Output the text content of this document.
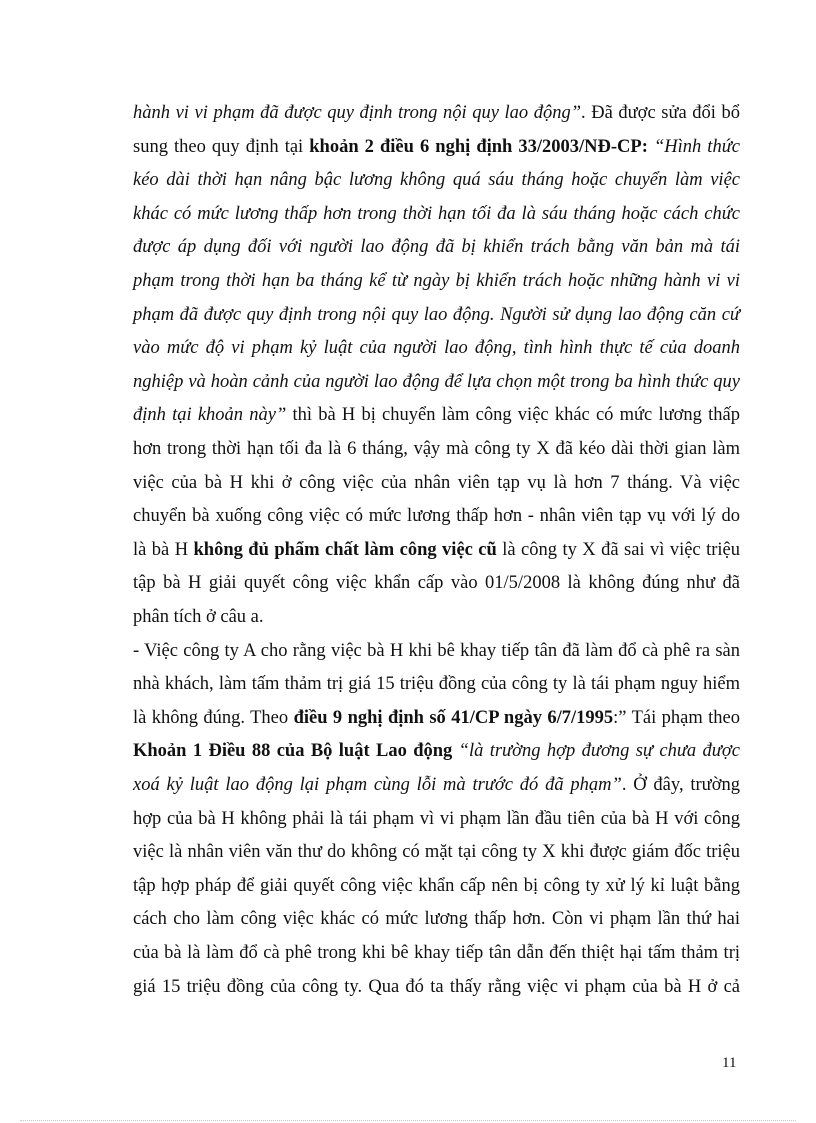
hành vi vi phạm đã được quy định trong nội quy lao động”. Đã được sửa đổi bổ
sung theo quy định tại khoản 2 điều 6 nghị định 33/2003/NĐ-CP: “Hình thức
kéo dài thời hạn nâng bậc lương không quá sáu tháng hoặc chuyển làm việc
khác có mức lương thấp hơn trong thời hạn tối đa là sáu tháng hoặc cách chức
được áp dụng đối với người lao động đã bị khiển trách bằng văn bản mà tái
phạm trong thời hạn ba tháng kể từ ngày bị khiển trách hoặc những hành vi vi
phạm đã được quy định trong nội quy lao động. Người sử dụng lao động căn cứ
vào mức độ vi phạm kỷ luật của người lao động, tình hình thực tế của doanh
nghiệp và hoàn cảnh của người lao động để lựa chọn một trong ba hình thức quy
định tại khoản này” thì bà H bị chuyển làm công việc khác có mức lương thấp
hơn trong thời hạn tối đa là 6 tháng, vậy mà công ty X đã kéo dài thời gian làm
việc của bà H khi ở công việc của nhân viên tạp vụ là hơn 7 tháng. Và việc
chuyển bà xuống công việc có mức lương thấp hơn - nhân viên tạp vụ với lý do
là bà H không đủ phẩm chất làm công việc cũ là công ty X đã sai vì việc triệu
tập bà H giải quyết công việc khẩn cấp vào 01/5/2008 là không đúng như đã
phân tích ở câu a.
- Việc công ty A cho rằng việc bà H khi bê khay tiếp tân đã làm đổ cà phê ra sàn
nhà khách, làm tấm thảm trị giá 15 triệu đồng của công ty là tái phạm nguy hiểm
là không đúng. Theo điều 9 nghị định số 41/CP ngày 6/7/1995:” Tái phạm theo
Khoản 1 Điều 88 của Bộ luật Lao động “là trường hợp đương sự chưa được
xoá kỷ luật lao động lại phạm cùng lỗi mà trước đó đã phạm”. Ở đây, trường
hợp của bà H không phải là tái phạm vì vi phạm lần đầu tiên của bà H với công
việc là nhân viên văn thư do không có mặt tại công ty X khi được giám đốc triệu
tập hợp pháp để giải quyết công việc khẩn cấp nên bị công ty xử lý kỉ luật bằng
cách cho làm công việc khác có mức lương thấp hơn. Còn vi phạm lần thứ hai
của bà là làm đổ cà phê trong khi bê khay tiếp tân dẫn đến thiệt hại tấm thảm trị
giá 15 triệu đồng của công ty. Qua đó ta thấy rằng việc vi phạm của bà H ở cả
11
